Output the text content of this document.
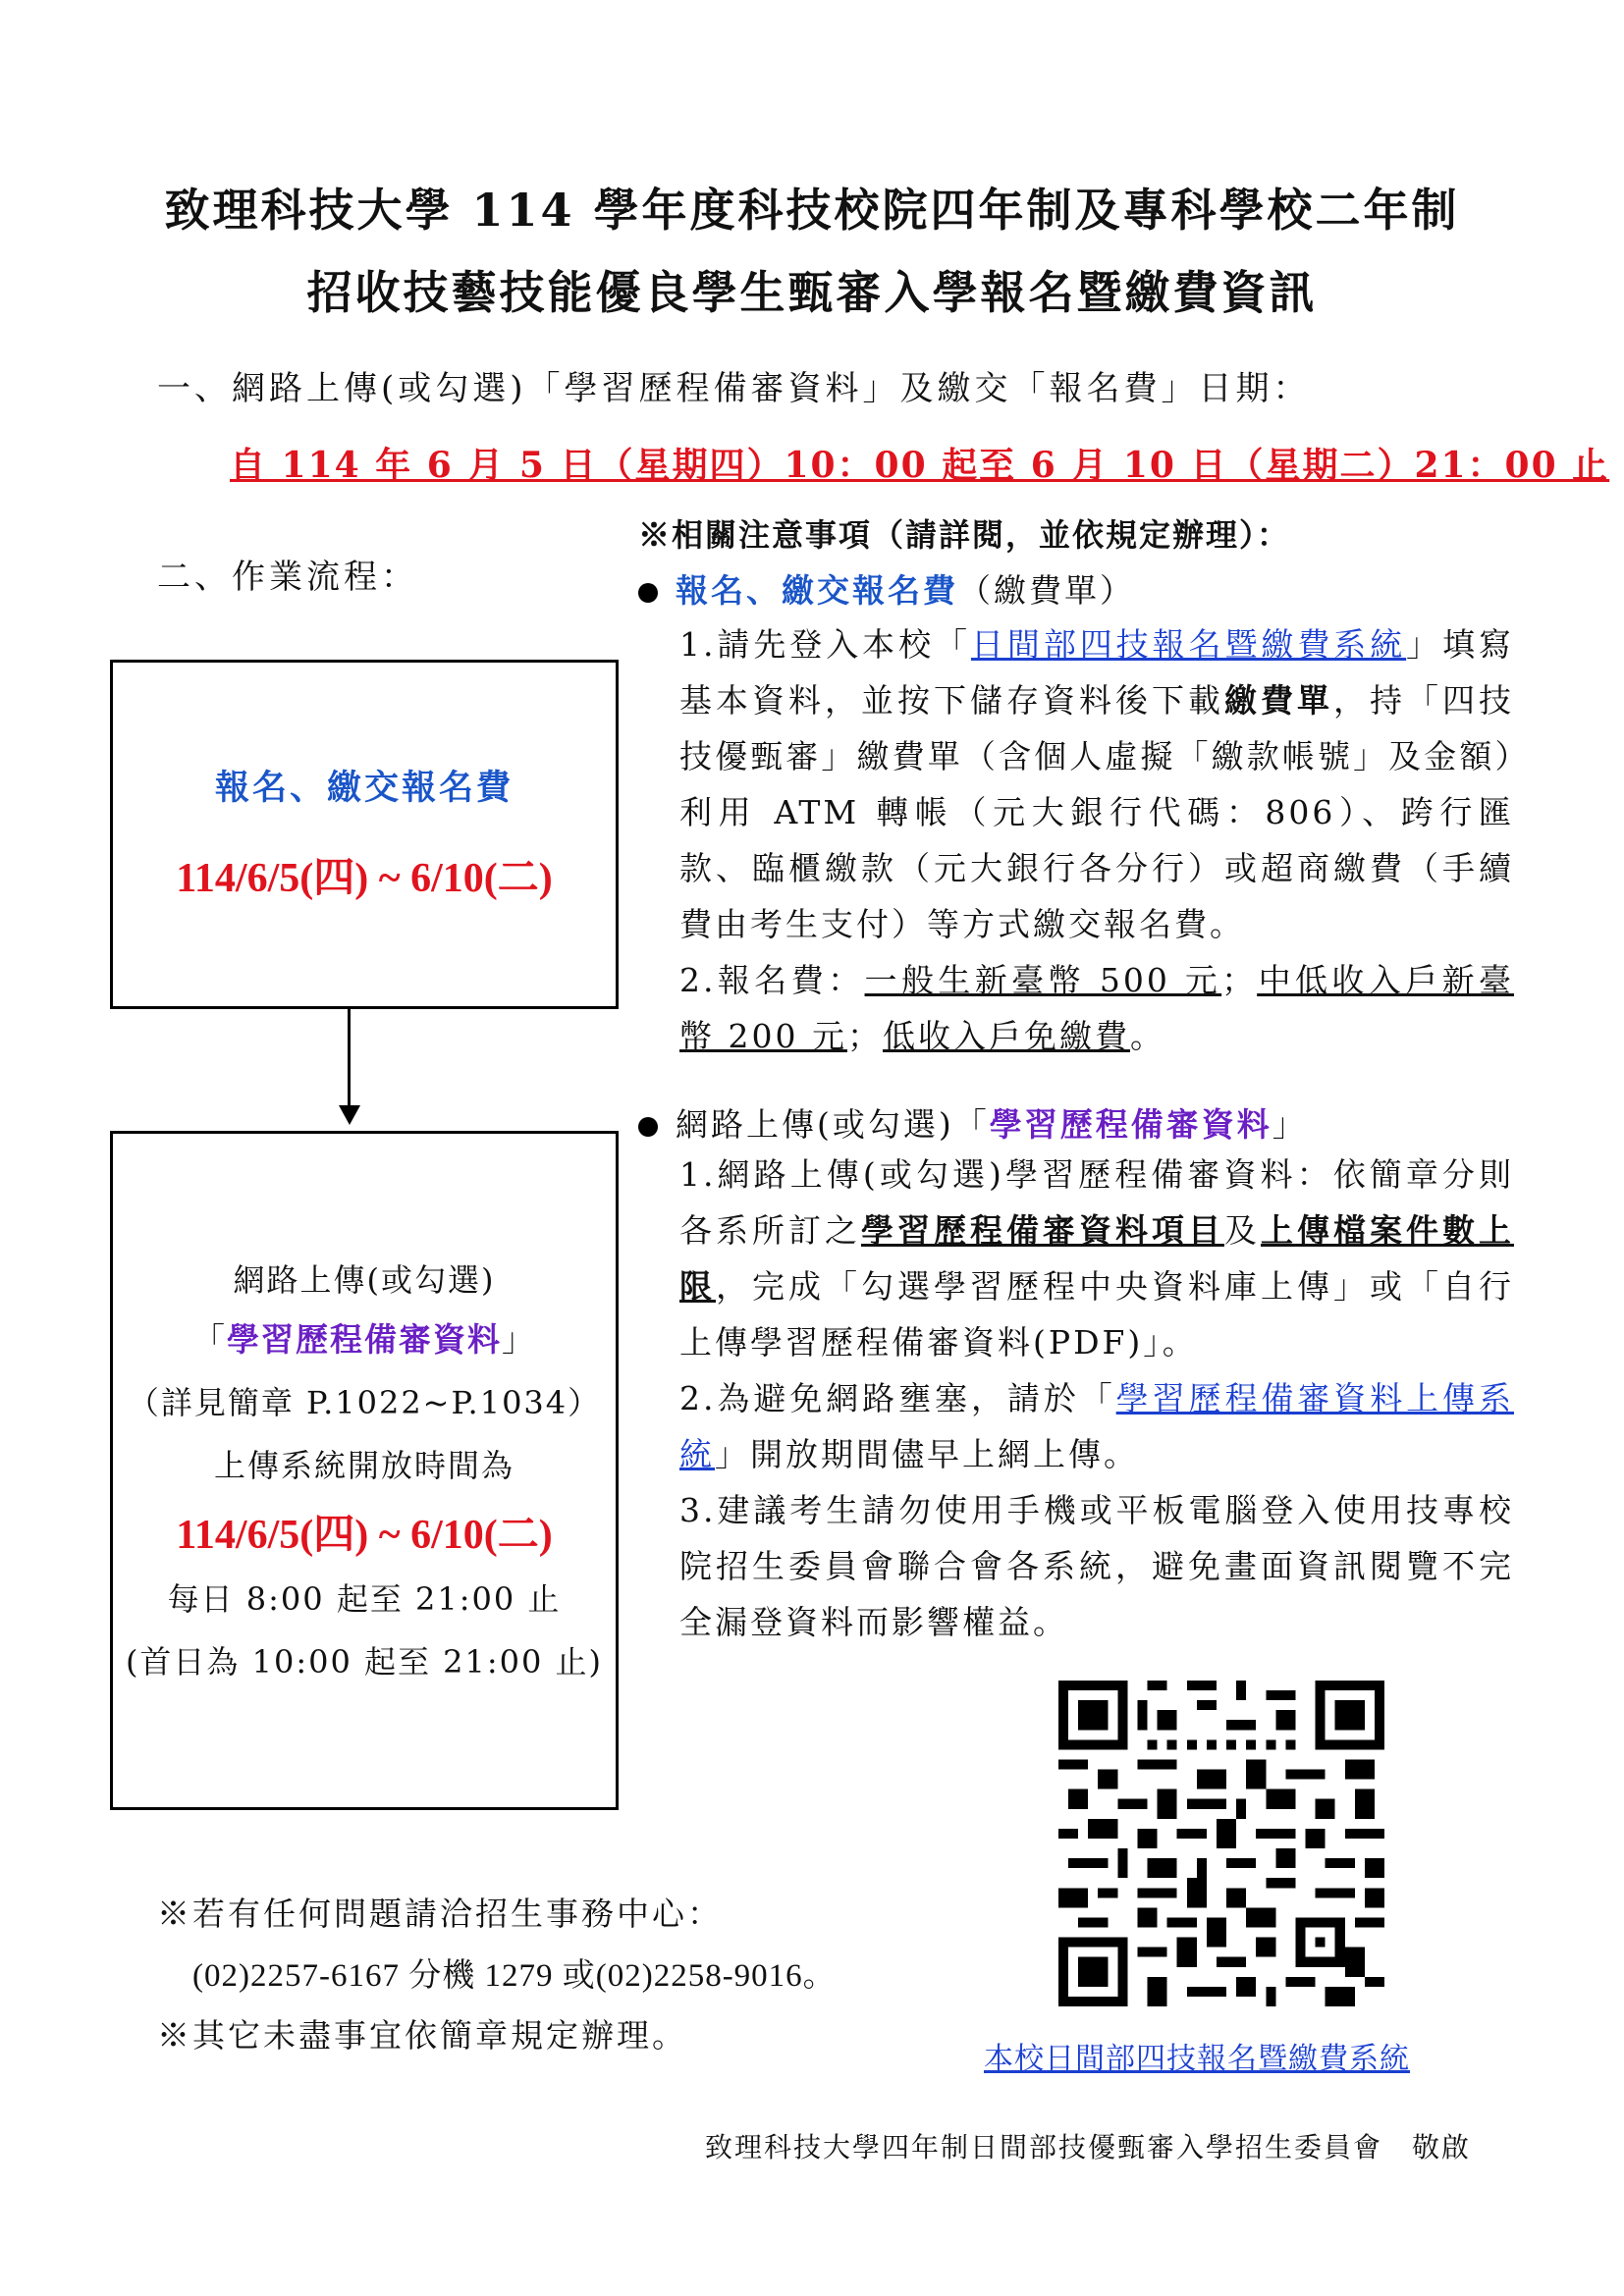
致理科技大學 114 學年度科技校院四年制及專科學校二年制
招收技藝技能優良學生甄審入學報名暨繳費資訊
一、網路上傳(或勾選)「學習歷程備審資料」及繳交「報名費」日期：
自 114 年 6 月 5 日（星期四）10：00 起至 6 月 10 日（星期二）21：00 止
二、作業流程：
報名、繳交報名費
114/6/5(四) ~ 6/10(二)
網路上傳(或勾選)
「學習歷程備審資料」
（詳見簡章 P.1022~P.1034）
上傳系統開放時間為
114/6/5(四) ~ 6/10(二)
每日 8:00 起至 21:00 止
(首日為 10:00 起至 21:00 止)
※相關注意事項（請詳閱，並依規定辦理）：
報名、繳交報名費（繳費單）
1.請先登入本校「日間部四技報名暨繳費系統」填寫基本資料，並按下儲存資料後下載繳費單，持「四技技優甄審」繳費單（含個人虛擬「繳款帳號」及金額）利用 ATM 轉帳（元大銀行代碼：806）、跨行匯款、臨櫃繳款（元大銀行各分行）或超商繳費（手續費由考生支付）等方式繳交報名費。
2.報名費：一般生新臺幣 500 元；中低收入戶新臺幣 200 元；低收入戶免繳費。
網路上傳(或勾選)「學習歷程備審資料」
1.網路上傳(或勾選)學習歷程備審資料：依簡章分則各系所訂之學習歷程備審資料項目及上傳檔案件數上限，完成「勾選學習歷程中央資料庫上傳」或「自行上傳學習歷程備審資料(PDF)」。
2.為避免網路壅塞，請於「學習歷程備審資料上傳系統」開放期間儘早上網上傳。
3.建議考生請勿使用手機或平板電腦登入使用技專校院招生委員會聯合會各系統，避免畫面資訊閱覽不完全漏登資料而影響權益。
※若有任何問題請洽招生事務中心：
(02)2257-6167 分機 1279 或(02)2258-9016。
※其它未盡事宜依簡章規定辦理。
本校日間部四技報名暨繳費系統
致理科技大學四年制日間部技優甄審入學招生委員會　敬啟
